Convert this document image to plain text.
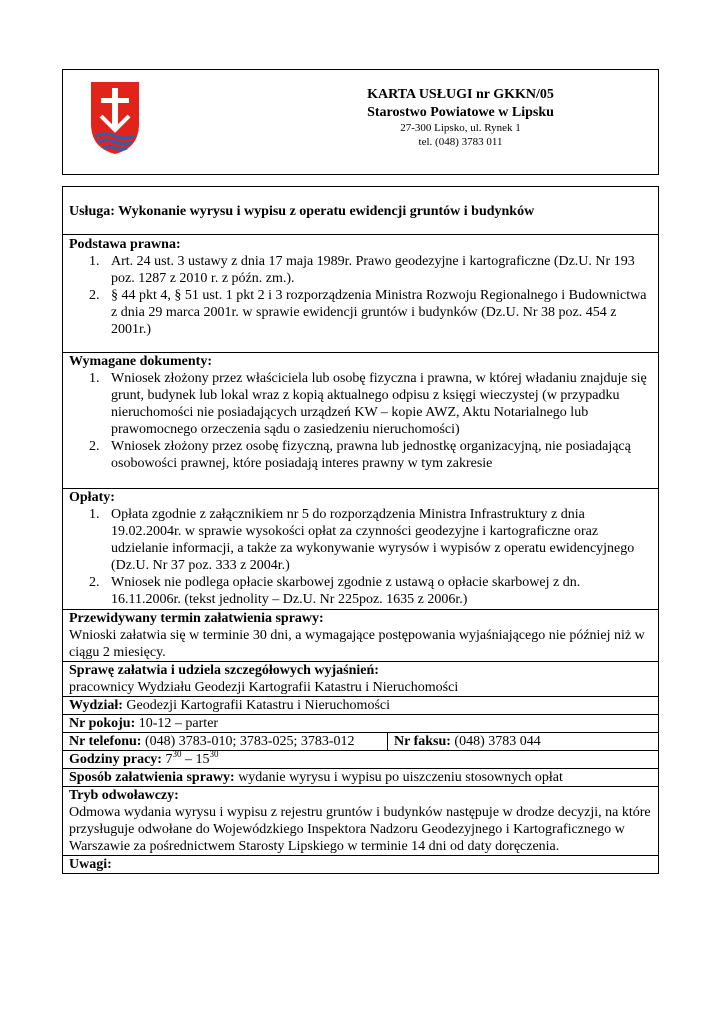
KARTA USŁUGI nr GKKN/05
Starostwo Powiatowe w Lipsku
27-300 Lipsko, ul. Rynek 1
tel. (048) 3783 011
Usługa: Wykonanie wyrysu i wypisu z operatu ewidencji gruntów i budynków
Podstawa prawna:
1. Art. 24 ust. 3 ustawy z dnia 17 maja 1989r. Prawo geodezyjne i kartograficzne (Dz.U. Nr 193 poz. 1287 z 2010 r. z późn. zm.).
2. § 44 pkt 4, § 51 ust. 1 pkt 2 i 3 rozporządzenia Ministra Rozwoju Regionalnego i Budownictwa z dnia 29 marca 2001r. w sprawie ewidencji gruntów i budynków (Dz.U. Nr 38 poz. 454 z 2001r.)
Wymagane dokumenty:
1. Wniosek złożony przez właściciela lub osobę fizyczna i prawna, w której władaniu znajduje się grunt, budynek lub lokal wraz z kopią aktualnego odpisu z księgi wieczystej (w przypadku nieruchomości nie posiadających urządzeń KW – kopie AWZ, Aktu Notarialnego lub prawomocnego orzeczenia sądu o zasiedzeniu nieruchomości)
2. Wniosek złożony przez osobę fizyczną, prawna lub jednostkę organizacyjną, nie posiadającą osobowości prawnej, które posiadają interes prawny w tym zakresie
Opłaty:
1. Opłata zgodnie z załącznikiem nr 5 do rozporządzenia Ministra Infrastruktury z dnia 19.02.2004r. w sprawie wysokości opłat za czynności geodezyjne i kartograficzne oraz udzielanie informacji, a także za wykonywanie wyrysów i wypisów z operatu ewidencyjnego (Dz.U. Nr 37 poz. 333 z 2004r.)
2. Wniosek nie podlega opłacie skarbowej zgodnie z ustawą o opłacie skarbowej z dn. 16.11.2006r. (tekst jednolity – Dz.U. Nr 225poz. 1635 z 2006r.)
Przewidywany termin załatwienia sprawy:
Wnioski załatwia się w terminie 30 dni, a wymagające postępowania wyjaśniającego nie później niż w ciągu 2 miesięcy.
Sprawę załatwia i udziela szczegółowych wyjaśnień:
pracownicy Wydziału Geodezji Kartografii Katastru i Nieruchomości
Wydział: Geodezji Kartografii Katastru i Nieruchomości
Nr pokoju: 10-12 – parter
Nr telefonu: (048) 3783-010; 3783-025; 3783-012	Nr faksu: (048) 3783 044
Godziny pracy: $7^{30} - 15^{30}$
Sposób załatwienia sprawy: wydanie wyrysu i wypisu po uiszczeniu stosownych opłat
Tryb odwoławczy:
Odmowa wydania wyrysu i wypisu z rejestru gruntów i budynków następuje w drodze decyzji, na które przysługuje odwołane do Wojewódzkiego Inspektora Nadzoru Geodezyjnego i Kartograficznego w Warszawie za pośrednictwem Starosty Lipskiego w terminie 14 dni od daty doręczenia.
Uwagi:
